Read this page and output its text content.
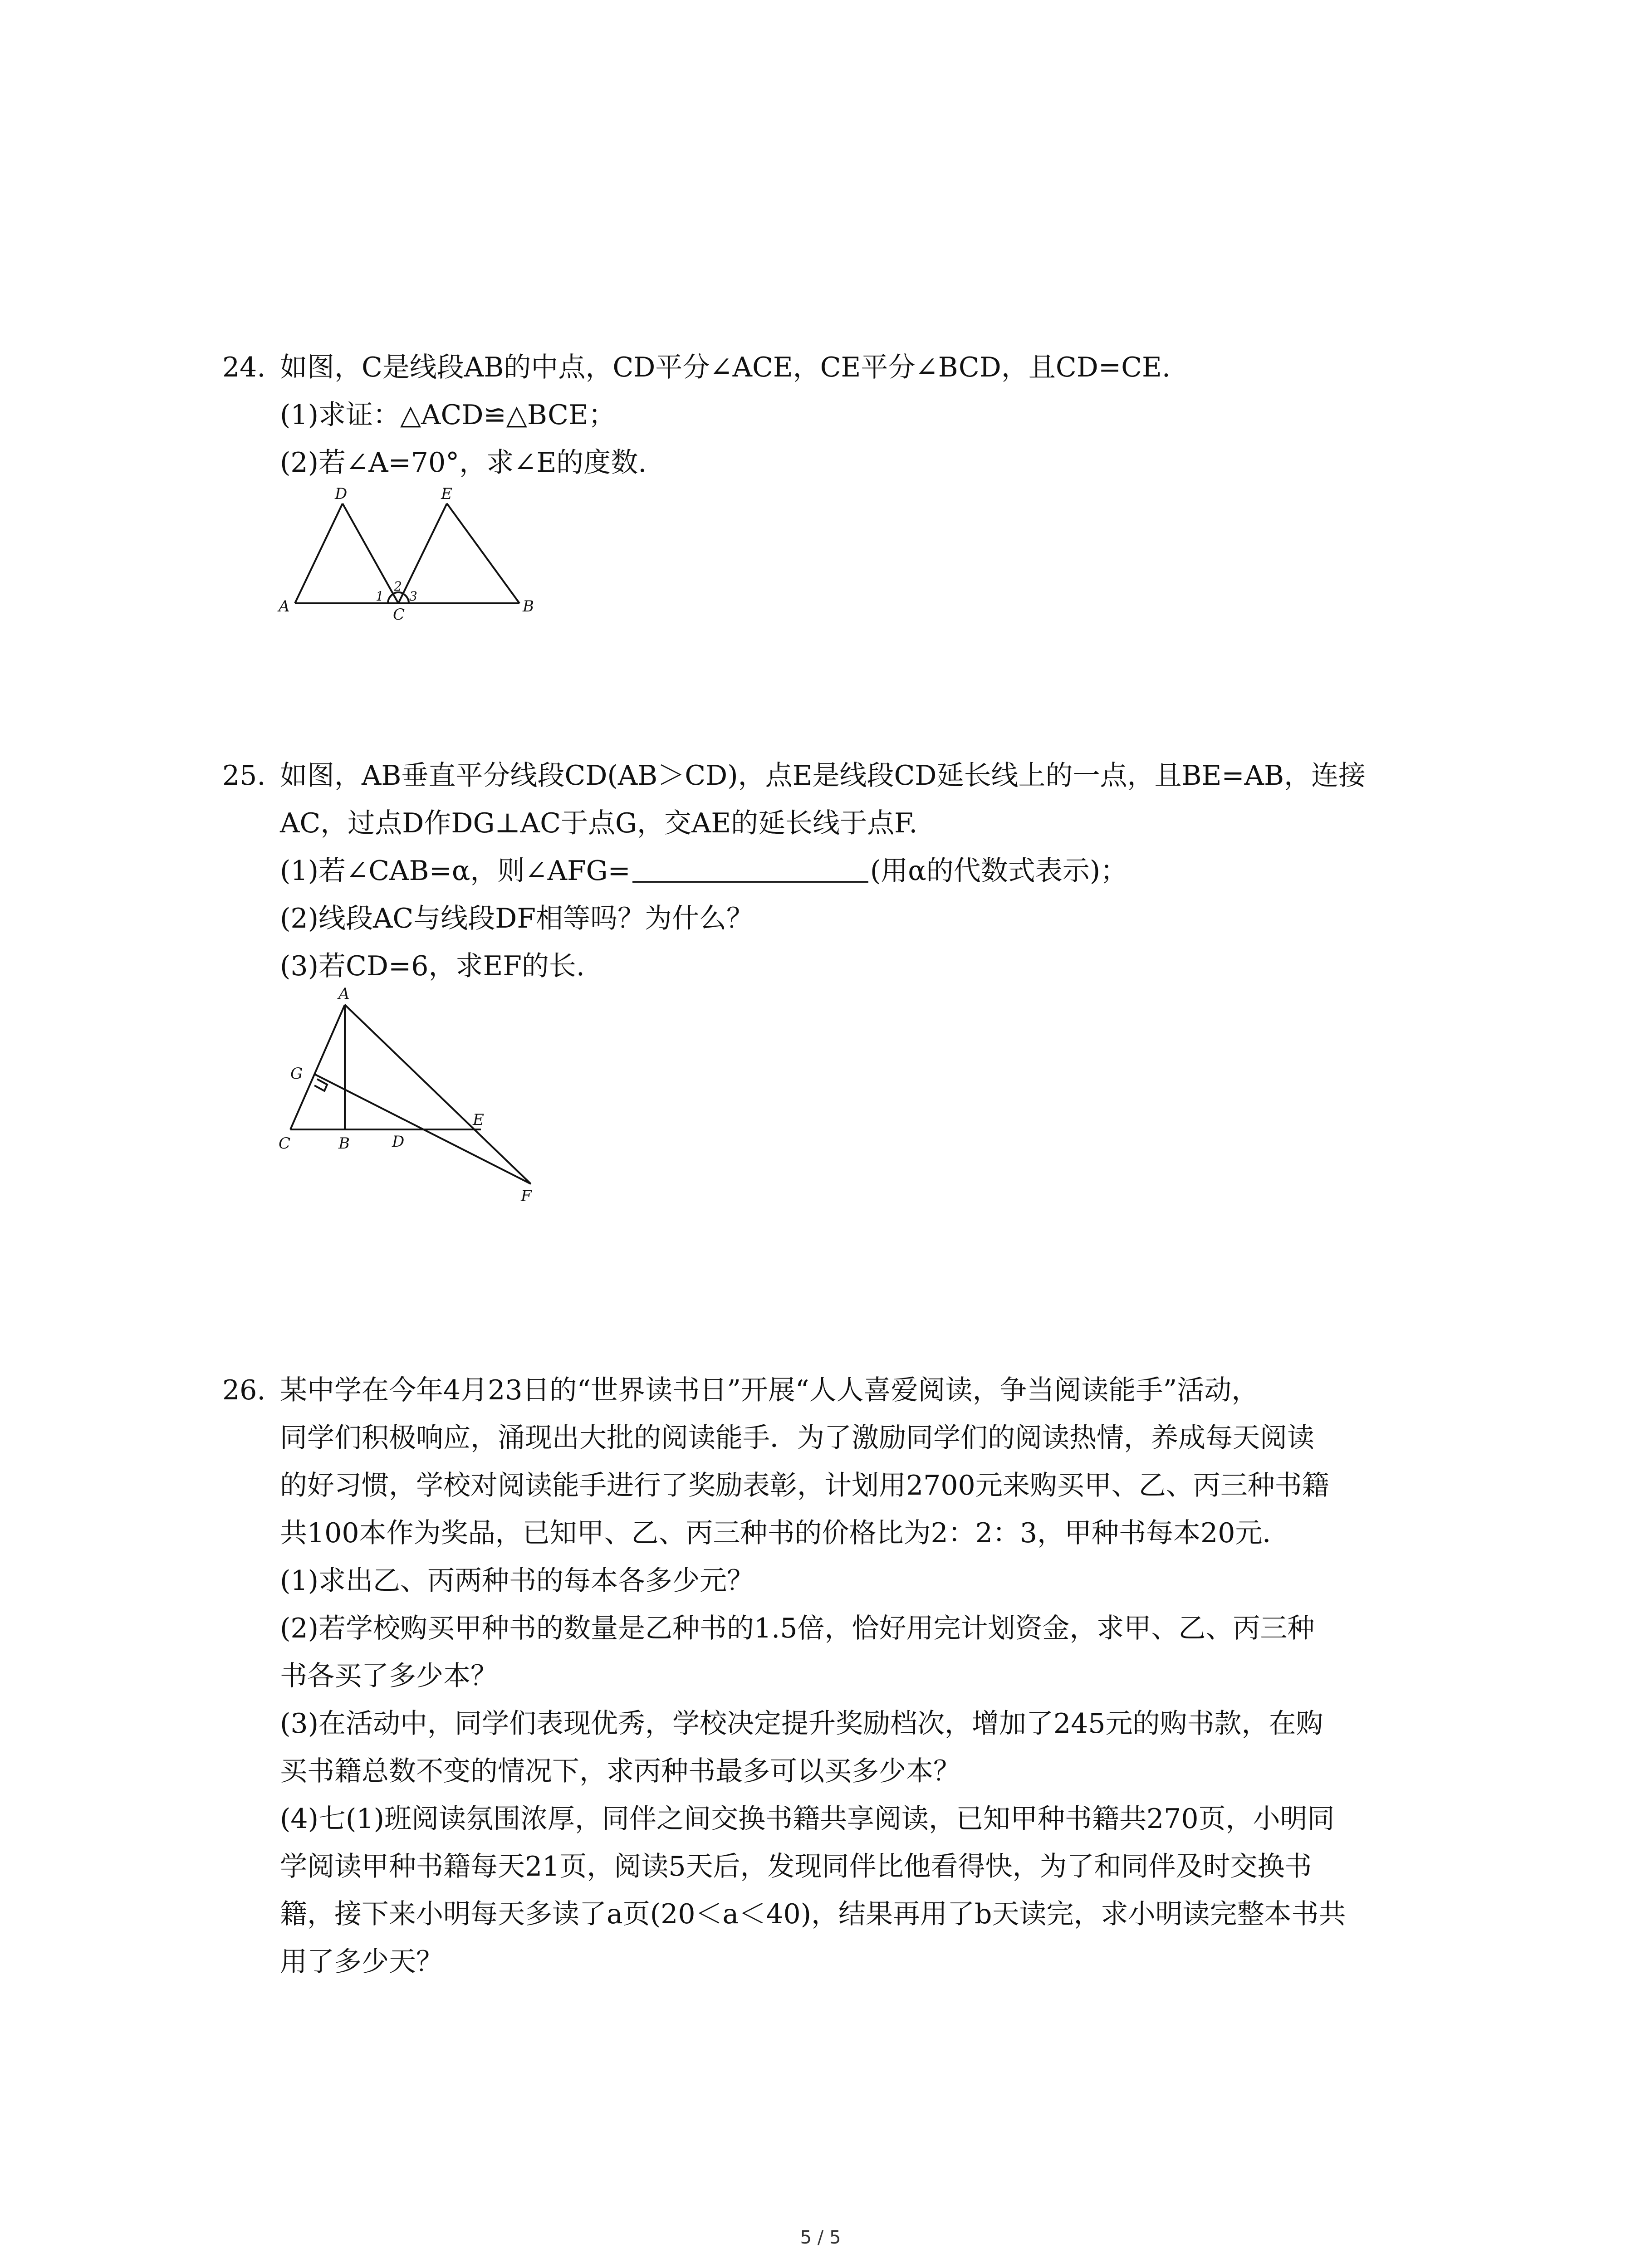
24. 如图，C是线段AB的中点，CD平分∠ACE，CE平分∠BCD，且CD=CE.
(1)求证：△ACD≌△BCE；
(2)若∠A=70°，求∠E的度数.
D	E
A	C	B
1
2
3
25. 如图，AB垂直平分线段CD(AB＞CD)，点E是线段CD延长线上的一点，且BE=AB，连接
AC，过点D作DG⊥AC于点G，交AE的延长线于点F.
(1)若∠CAB=α，则∠AFG=	(用α的代数式表示)；
(2)线段AC与线段DF相等吗？为什么？
(3)若CD=6，求EF的长.
A
G
C	B	D
E
F
26. 某中学在今年4月23日的“世界读书日”开展“人人喜爱阅读，争当阅读能手”活动，
同学们积极响应，涌现出大批的阅读能手．为了激励同学们的阅读热情，养成每天阅读
的好习惯，学校对阅读能手进行了奖励表彰，计划用2700元来购买甲、乙、丙三种书籍
共100本作为奖品，已知甲、乙、丙三种书的价格比为2：2：3，甲种书每本20元．
(1)求出乙、丙两种书的每本各多少元？
(2)若学校购买甲种书的数量是乙种书的1.5倍，恰好用完计划资金，求甲、乙、丙三种
书各买了多少本？
(3)在活动中，同学们表现优秀，学校决定提升奖励档次，增加了245元的购书款，在购
买书籍总数不变的情况下，求丙种书最多可以买多少本？
(4)七(1)班阅读氛围浓厚，同伴之间交换书籍共享阅读，已知甲种书籍共270页，小明同
学阅读甲种书籍每天21页，阅读5天后，发现同伴比他看得快，为了和同伴及时交换书
籍，接下来小明每天多读了a页(20＜a＜40)，结果再用了b天读完，求小明读完整本书共
用了多少天？
5 / 5
